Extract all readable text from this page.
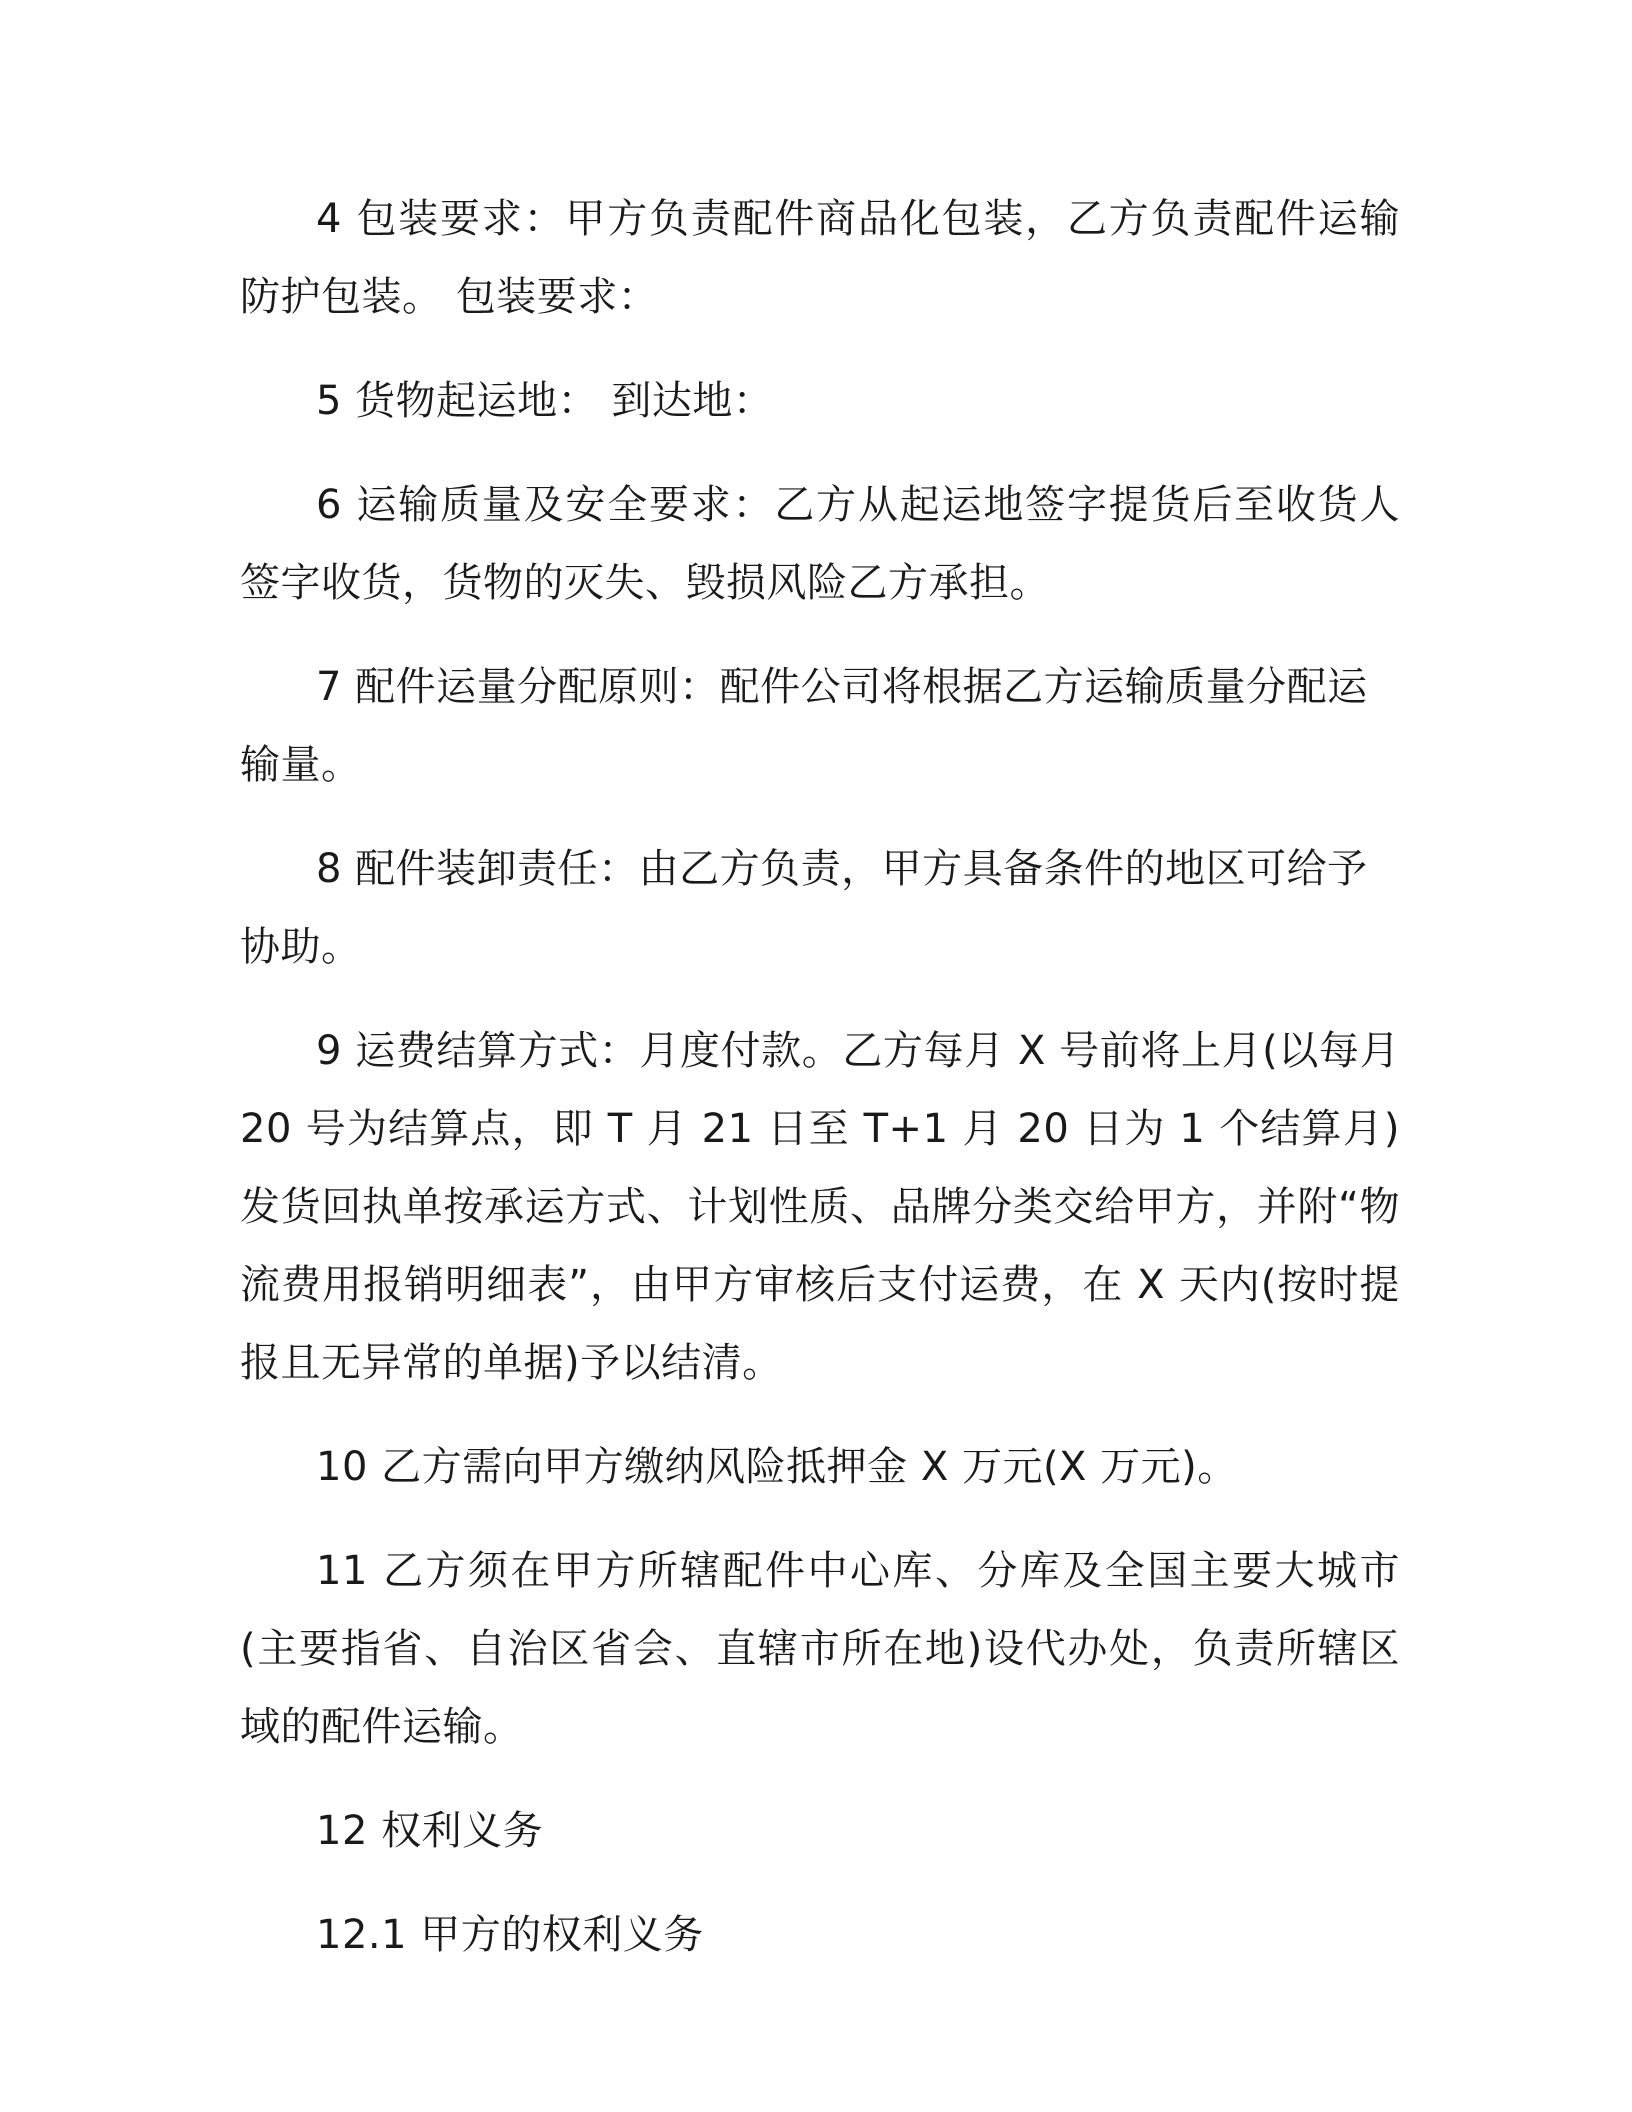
4 包装要求：甲方负责配件商品化包装，乙方负责配件运输防护包装。 包装要求：

5 货物起运地： 到达地：

6 运输质量及安全要求：乙方从起运地签字提货后至收货人签字收货，货物的灭失、毁损风险乙方承担。

7 配件运量分配原则：配件公司将根据乙方运输质量分配运输量。

8 配件装卸责任：由乙方负责，甲方具备条件的地区可给予协助。

9 运费结算方式：月度付款。乙方每月 X 号前将上月(以每月 20 号为结算点，即 T 月 21 日至 T+1 月 20 日为 1 个结算月)发货回执单按承运方式、计划性质、品牌分类交给甲方，并附“物流费用报销明细表”，由甲方审核后支付运费，在 X 天内(按时提报且无异常的单据)予以结清。

10 乙方需向甲方缴纳风险抵押金 X 万元(X 万元)。

11 乙方须在甲方所辖配件中心库、分库及全国主要大城市(主要指省、自治区省会、直辖市所在地)设代办处，负责所辖区域的配件运输。

12 权利义务

12.1 甲方的权利义务
